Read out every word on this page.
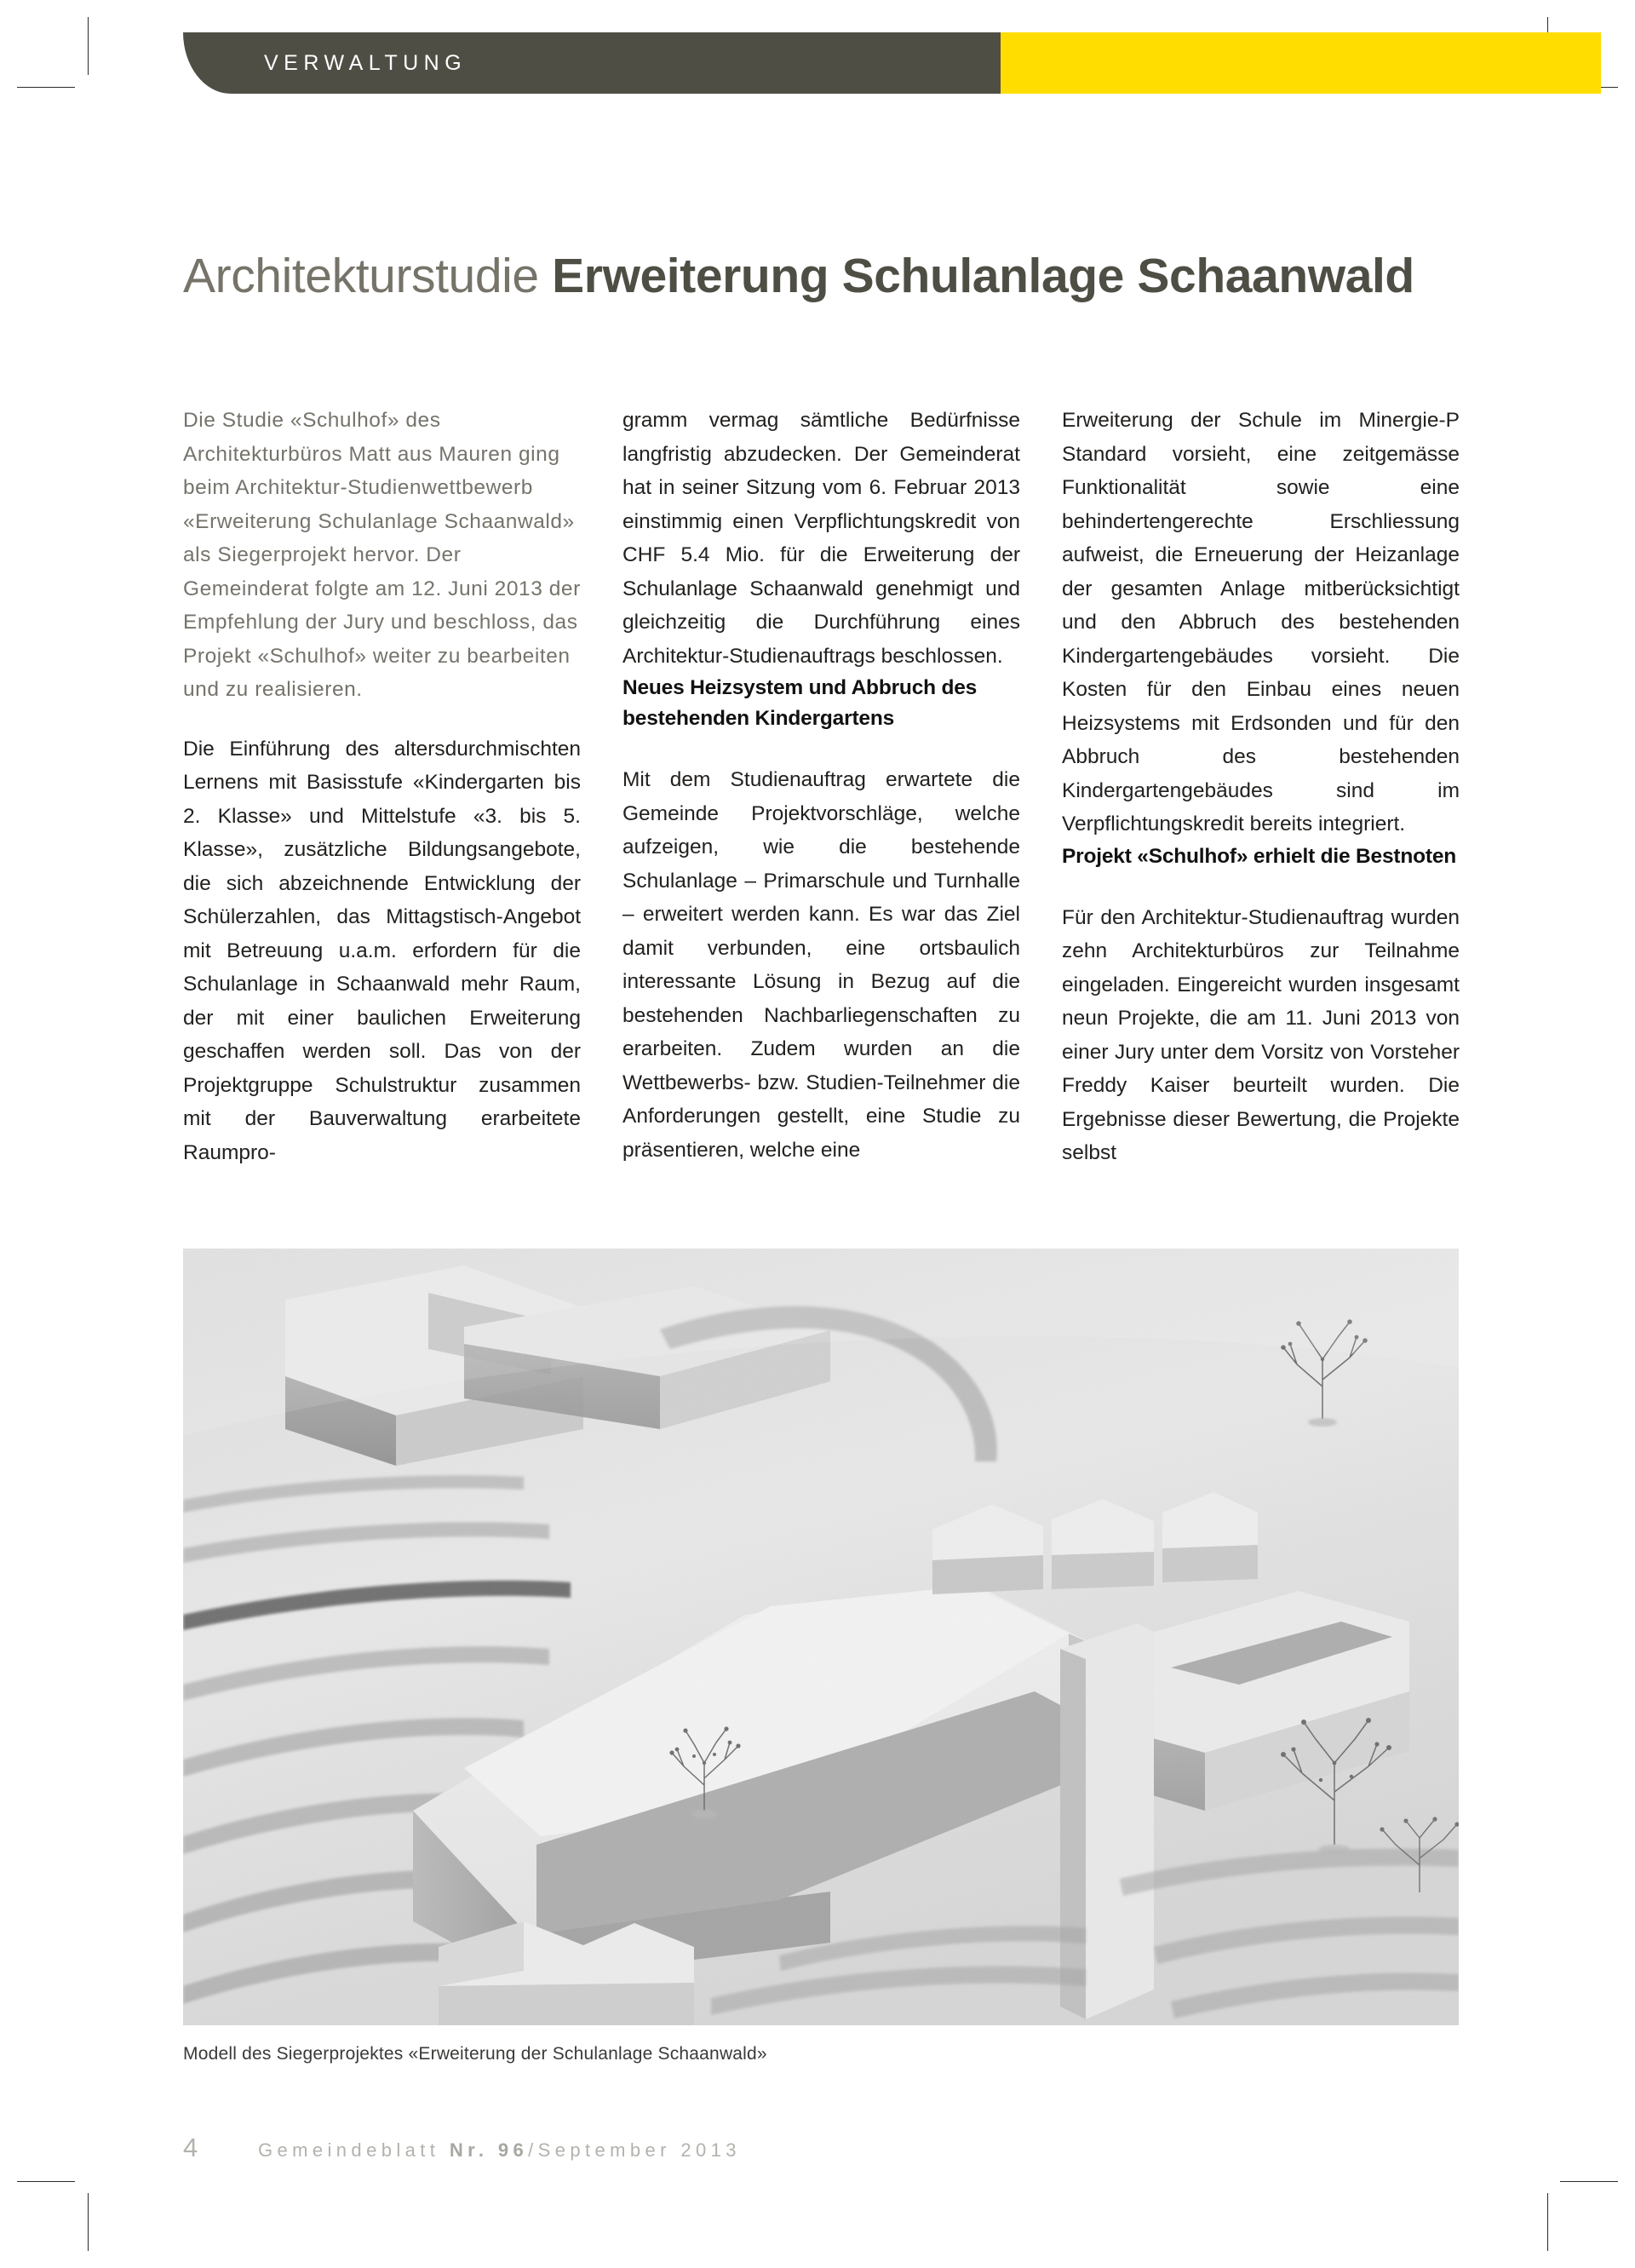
VERWALTUNG
Architekturstudie Erweiterung Schulanlage Schaanwald

Die Studie «Schulhof» des Architekturbüros Matt aus Mauren ging beim Architektur-Studienwettbewerb «Erweiterung Schulanlage Schaanwald» als Siegerprojekt hervor. Der Gemeinderat folgte am 12. Juni 2013 der Empfehlung der Jury und beschloss, das Projekt «Schulhof» weiter zu bearbeiten und zu realisieren.

Die Einführung des altersdurchmischten Lernens mit Basisstufe «Kindergarten bis 2. Klasse» und Mittelstufe «3. bis 5. Klasse», zusätzliche Bildungsangebote, die sich abzeichnende Entwicklung der Schülerzahlen, das Mittagstisch-Angebot mit Betreuung u.a.m. erfordern für die Schulanlage in Schaanwald mehr Raum, der mit einer baulichen Erweiterung geschaffen werden soll. Das von der Projektgruppe Schulstruktur zusammen mit der Bauverwaltung erarbeitete Raumpro-

gramm vermag sämtliche Bedürfnisse langfristig abzudecken. Der Gemeinderat hat in seiner Sitzung vom 6. Februar 2013 einstimmig einen Verpflichtungskredit von CHF 5.4 Mio. für die Erweiterung der Schulanlage Schaanwald genehmigt und gleichzeitig die Durchführung eines Architektur-Studienauftrags beschlossen.

Neues Heizsystem und Abbruch des bestehenden Kindergartens

Mit dem Studienauftrag erwartete die Gemeinde Projektvorschläge, welche aufzeigen, wie die bestehende Schulanlage – Primarschule und Turnhalle – erweitert werden kann. Es war das Ziel damit verbunden, eine ortsbaulich interessante Lösung in Bezug auf die bestehenden Nachbarliegenschaften zu erarbeiten. Zudem wurden an die Wettbewerbs- bzw. Studien-Teilnehmer die Anforderungen gestellt, eine Studie zu präsentieren, welche eine

Erweiterung der Schule im Minergie-P Standard vorsieht, eine zeitgemässe Funktionalität sowie eine behindertengerechte Erschliessung aufweist, die Erneuerung der Heizanlage der gesamten Anlage mitberücksichtigt und den Abbruch des bestehenden Kindergartengebäudes vorsieht. Die Kosten für den Einbau eines neuen Heizsystems mit Erdsonden und für den Abbruch des bestehenden Kindergartengebäudes sind im Verpflichtungskredit bereits integriert.

Projekt «Schulhof» erhielt die Bestnoten

Für den Architektur-Studienauftrag wurden zehn Architekturbüros zur Teilnahme eingeladen. Eingereicht wurden insgesamt neun Projekte, die am 11. Juni 2013 von einer Jury unter dem Vorsitz von Vorsteher Freddy Kaiser beurteilt wurden. Die Ergebnisse dieser Bewertung, die Projekte selbst

Modell des Siegerprojektes «Erweiterung der Schulanlage Schaanwald»
4	Gemeindeblatt Nr. 96/September 2013
